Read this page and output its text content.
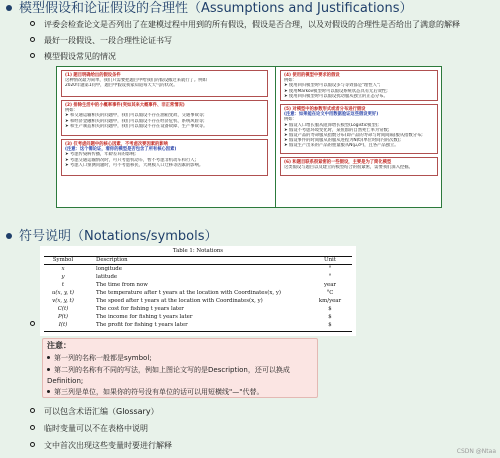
模型假设和论证假设的合理性（Assumptions and Justifications）
评委会检查论文是否列出了在建模过程中用到的所有假设，假设是否合理，以及对假设的合理性是否给出了满意的解释
最好一段假设、一段合理性论证书写
模型假设常见的情况
(1) 题目明确给出的假设条件
这种情况最为简单，我们只需要把题目中给我们的假设搬过来就行了。例如
2020年题第1问中，题目中假设我家知道每天天气的状况。
(2) 排除生活中的小概率事件(突如其来大概事件、非正常情况)
例如：
➤ 和交通运输相关的问题中，我们可以假设不存在油箱变故、交通事故等;
➤ 和经济金融相关的问题中，我们可以假设不存在经济危机、系统风险等;
➤ 和生产制造相关的问题中，我们可以假设不存在设备故障、生产事故等。
(3) 仅考虑问题中的核心因素，不考虑次要因素的影响
(注意：这个需论证，看你的模型是否包含了所有核心因素)
➤ 考虑传染病传播，年龄差异的影响;
➤ 考虑交通运输情况时，可只考虑机动车，暂不考虑非机动车和行人;
➤ 考虑人口预测问题时，可不考虑移民、大规模人口迁移等因素的影响。
(4) 使用的模型中要求的假设
例如：
➤ 使用回归模型时可以假设多与等效都是"理性人";
➤ 使用Markov模型时可以假设系统状态具有无后效性;
➤ 使用回归模型时可以假设扰动服从独立的正态分布。
(5) 对模型中的参数形式或者分布进行假设
(注意：如果能在论文中用数据验证这些假设更好)
例如：
➤ 假设人口增长服从阻滞增长模型(Logistic模型);
➤ 假设不考虑环境变化时，某鱼群的自然死亡率为常数;
➤ 假设产品的寿命服从指数分布(即产品的寿命与时间间隔)服从指数分布;
➤ 假设事件的时间服从的服从进程为N(t)(单位时间内的次数);
➤ 假设生产出来的产品的重量服从N(μ,σ²)，且各产品独立。
(6) 和题目联系很紧密的一些假设，主要是为了简化模型
这类假设与题目以及建立的模型结合的很紧密，需要我们深入挖掘。
符号说明（Notations/symbols）
Table 1: Notations
Symbol	Description	Unit
x	longitude	°
y	latitude	°
t	The time from now	year
u(x, y, t)	The temperature after t years at the location with Coordinates(x, y)	°C
v(x, y, t)	The speed after t years at the location with Coordinates(x, y)	km/year
C(t)	The cost for fishing t years later	$
P(t)	The income for fishing t years later	$
I(t)	The profit for fishing t years later	$
注意：
第一列的名称一般都是symbol;
第二列的名称有不同的写法，例如上图论文写的是Description，还可以换成Definition;
第三列是单位，如果你的符号没有单位的话可以用短横线"—"代替。
可以包含术语汇编（Glossary）
临时变量可以不在表格中说明
文中首次出现这些变量时要进行解释
CSDN @Ntaa
